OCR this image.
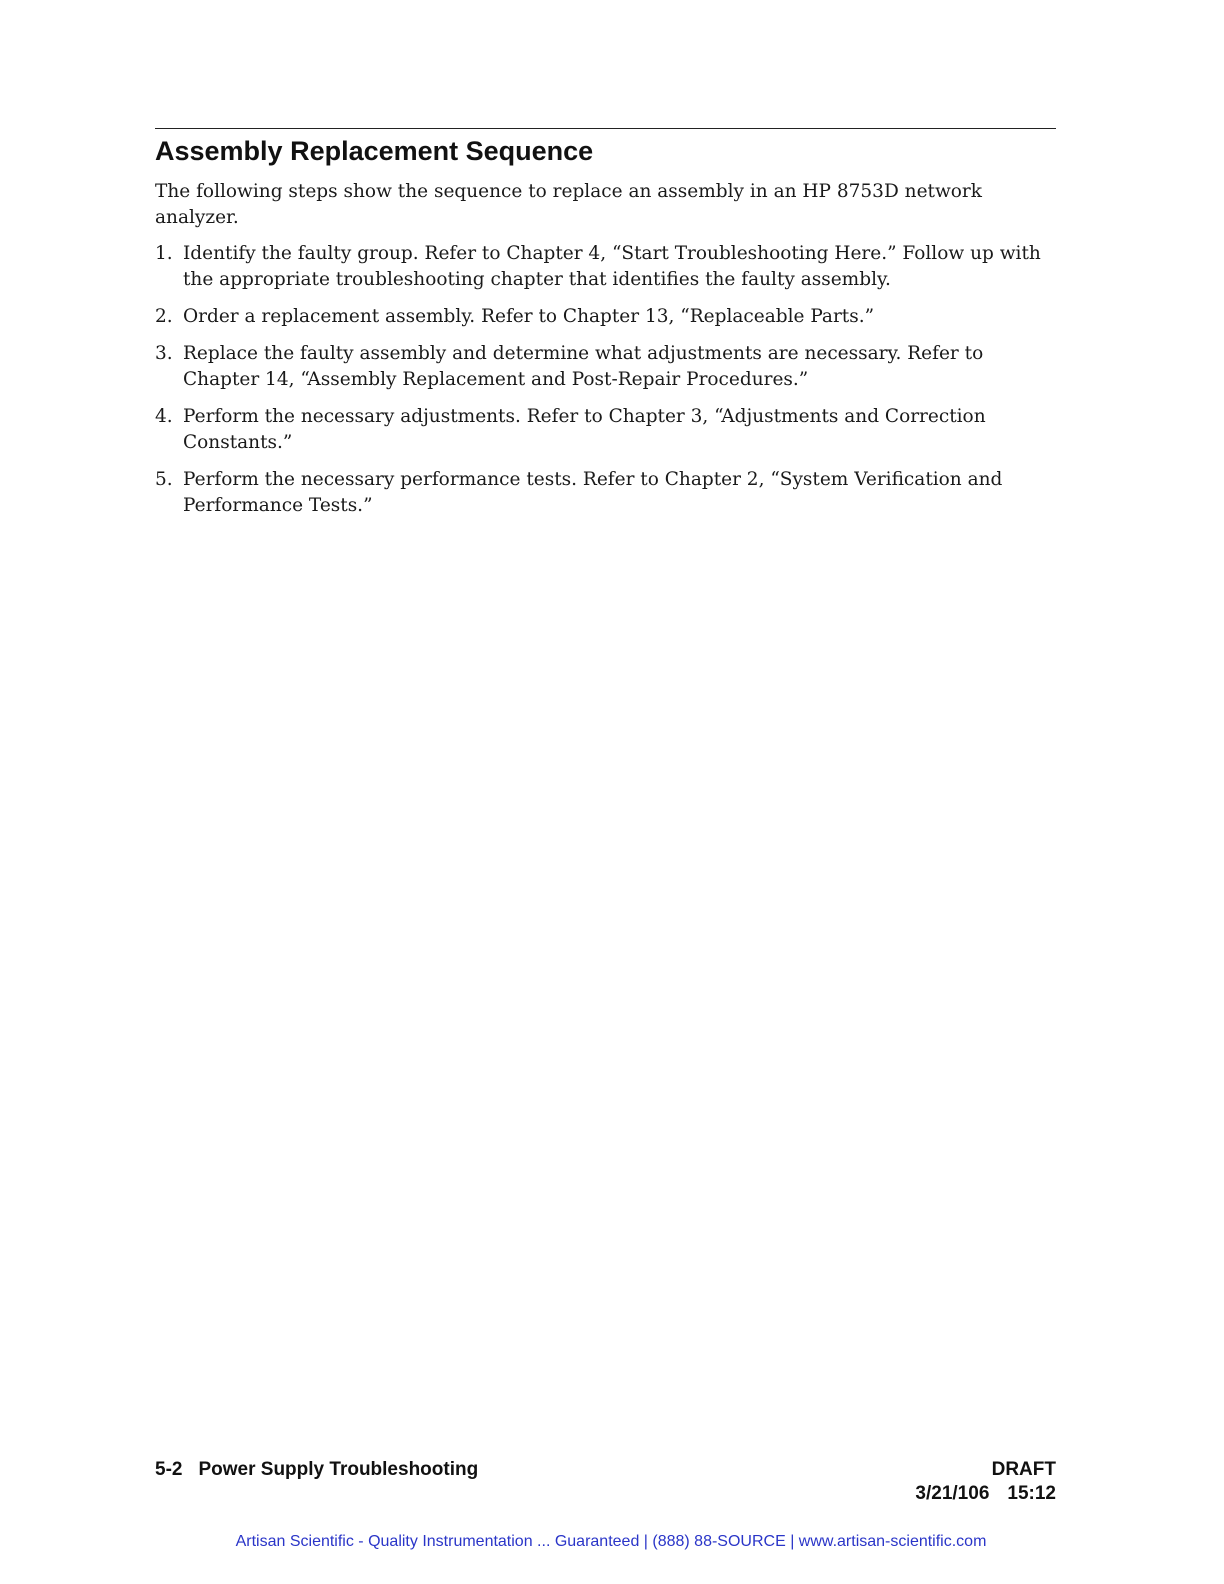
Assembly Replacement Sequence

The following steps show the sequence to replace an assembly in an HP 8753D network analyzer.

1. Identify the faulty group. Refer to Chapter 4, “Start Troubleshooting Here.” Follow up with the appropriate troubleshooting chapter that identifies the faulty assembly.
2. Order a replacement assembly. Refer to Chapter 13, “Replaceable Parts.”
3. Replace the faulty assembly and determine what adjustments are necessary. Refer to Chapter 14, “Assembly Replacement and Post-Repair Procedures.”
4. Perform the necessary adjustments. Refer to Chapter 3, “Adjustments and Correction Constants.”
5. Perform the necessary performance tests. Refer to Chapter 2, “System Verification and Performance Tests.”
5-2 Power Supply Troubleshooting	DRAFT
3/21/106 15:12
Artisan Scientific - Quality Instrumentation ... Guaranteed | (888) 88-SOURCE | www.artisan-scientific.com
